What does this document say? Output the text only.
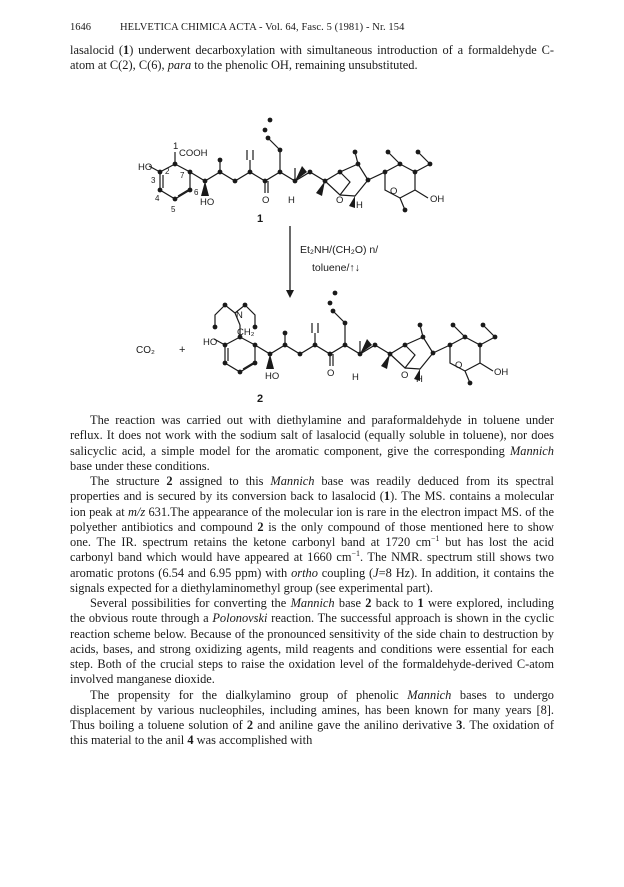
1646	HELVETICA CHIMICA ACTA - Vol. 64, Fasc. 5 (1981) - Nr. 154
lasalocid (1) underwent decarboxylation with simultaneous introduction of a formaldehyde C-atom at C(2), C(6), para to the phenolic OH, remaining unsubstituted.
1
COOH
HO 2 7
3
6
4
5
HO	O H	O H
O
OH
1
N
CH₂
HO
HO	O H	O H
O
OH
CO₂ +
2
Et₂NH/(CH₂O) n/
toluene/↑↓

The reaction was carried out with diethylamine and paraformaldehyde in toluene under reflux. It does not work with the sodium salt of lasalocid (equally soluble in toluene), nor does salicyclic acid, a simple model for the aromatic component, give the corresponding Mannich base under these conditions.

The structure 2 assigned to this Mannich base was readily deduced from its spectral properties and is secured by its conversion back to lasalocid (1). The MS. contains a molecular ion peak at m/z 631.The appearance of the molecular ion is rare in the electron impact MS. of the polyether antibiotics and compound 2 is the only compound of those mentioned here to show one. The IR. spectrum retains the ketone carbonyl band at 1720 $cm^{-1}$ but has lost the acid carbonyl band which would have appeared at 1660 $cm^{-1}$. The NMR. spectrum still shows two aromatic protons (6.54 and 6.95 ppm) with ortho coupling (J=8 Hz). In addition, it contains the signals expected for a diethylaminomethyl group (see experimental part).

Several possibilities for converting the Mannich base 2 back to 1 were explored, including the obvious route through a Polonovski reaction. The successful approach is shown in the cyclic reaction scheme below. Because of the pronounced sensitivity of the side chain to destruction by acids, bases, and strong oxidizing agents, mild reagents and conditions were essential for each step. Both of the crucial steps to raise the oxidation level of the formaldehyde-derived C-atom involved manganese dioxide.

The propensity for the dialkylamino group of phenolic Mannich bases to undergo displacement by various nucleophiles, including amines, has been known for many years [8]. Thus boiling a toluene solution of 2 and aniline gave the anilino derivative 3. The oxidation of this material to the anil 4 was accomplished with
